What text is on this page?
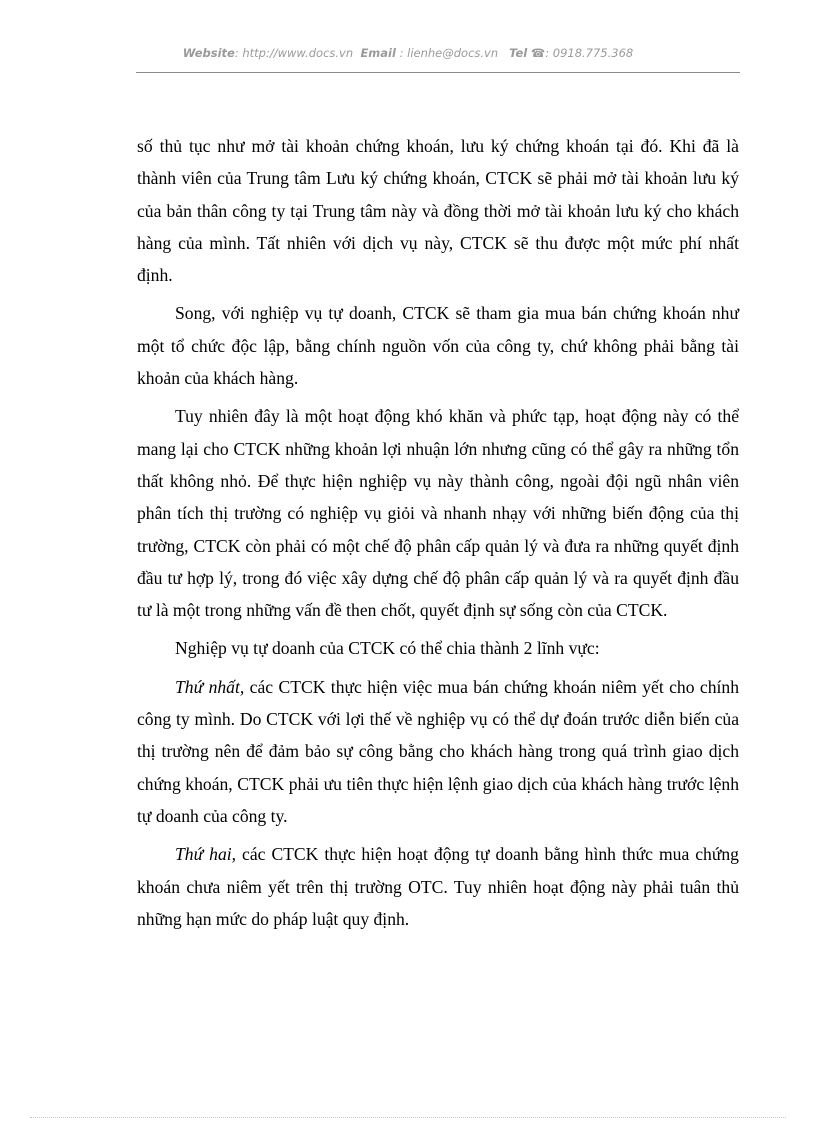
Website: http://www.docs.vn Email : lienhe@docs.vn Tel ☎: 0918.775.368

số thủ tục như mở tài khoản chứng khoán, lưu ký chứng khoán tại đó. Khi đã là thành viên của Trung tâm Lưu ký chứng khoán, CTCK sẽ phải mở tài khoản lưu ký của bản thân công ty tại Trung tâm này và đồng thời mở tài khoản lưu ký cho khách hàng của mình. Tất nhiên với dịch vụ này, CTCK sẽ thu được một mức phí nhất định.

Song, với nghiệp vụ tự doanh, CTCK sẽ tham gia mua bán chứng khoán như một tổ chức độc lập, bằng chính nguồn vốn của công ty, chứ không phải bằng tài khoản của khách hàng.

Tuy nhiên đây là một hoạt động khó khăn và phức tạp, hoạt động này có thể mang lại cho CTCK những khoản lợi nhuận lớn nhưng cũng có thể gây ra những tổn thất không nhỏ. Để thực hiện nghiệp vụ này thành công, ngoài đội ngũ nhân viên phân tích thị trường có nghiệp vụ giỏi và nhanh nhạy với những biến động của thị trường, CTCK còn phải có một chế độ phân cấp quản lý và đưa ra những quyết định đầu tư hợp lý, trong đó việc xây dựng chế độ phân cấp quản lý và ra quyết định đầu tư là một trong những vấn đề then chốt, quyết định sự sống còn của CTCK.

Nghiệp vụ tự doanh của CTCK có thể chia thành 2 lĩnh vực:

Thứ nhất, các CTCK thực hiện việc mua bán chứng khoán niêm yết cho chính công ty mình. Do CTCK với lợi thế về nghiệp vụ có thể dự đoán trước diễn biến của thị trường nên để đảm bảo sự công bằng cho khách hàng trong quá trình giao dịch chứng khoán, CTCK phải ưu tiên thực hiện lệnh giao dịch của khách hàng trước lệnh tự doanh của công ty.

Thứ hai, các CTCK thực hiện hoạt động tự doanh bằng hình thức mua chứng khoán chưa niêm yết trên thị trường OTC. Tuy nhiên hoạt động này phải tuân thủ những hạn mức do pháp luật quy định.
